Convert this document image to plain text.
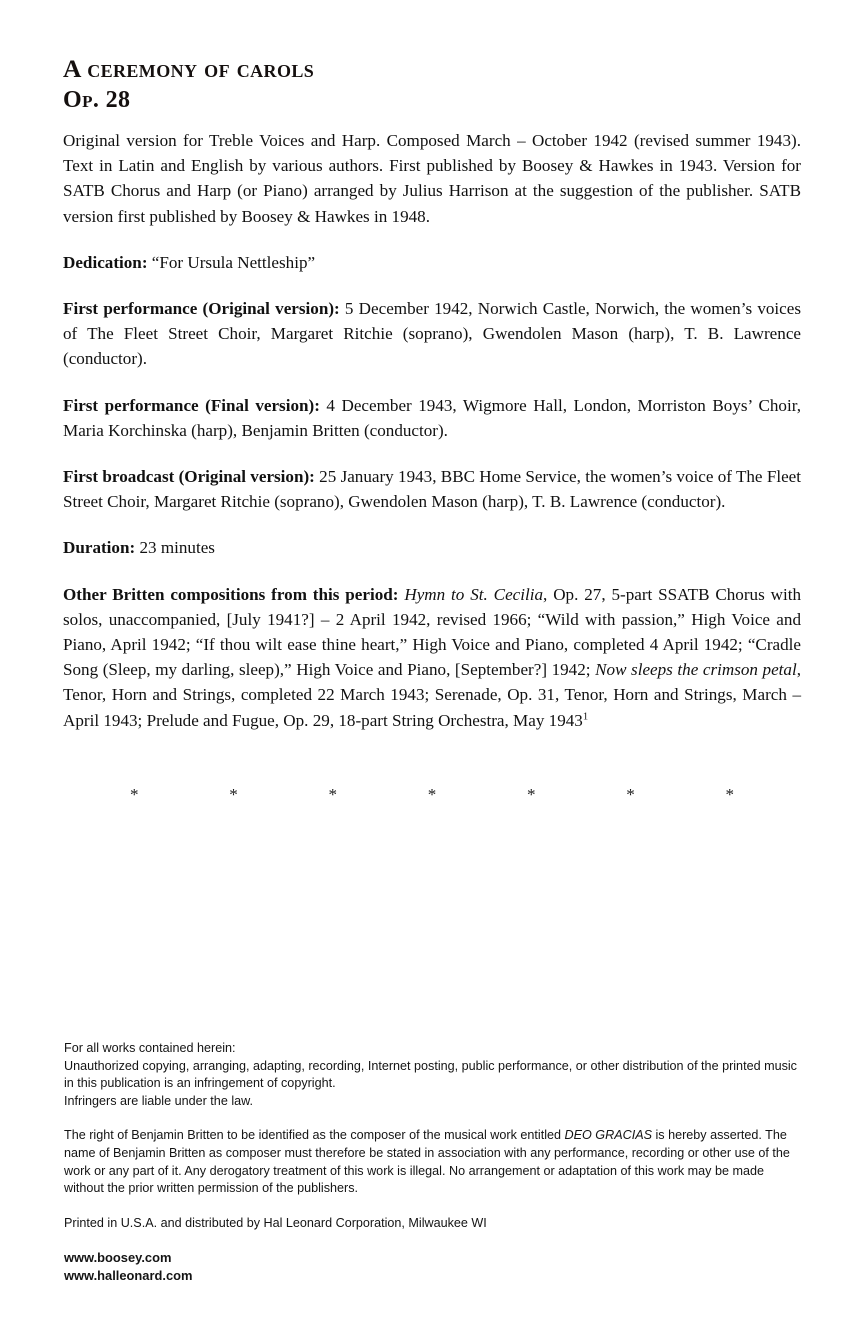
A ceremony of carols
Op. 28

Original version for Treble Voices and Harp. Composed March – October 1942 (revised summer 1943). Text in Latin and English by various authors. First published by Boosey & Hawkes in 1943. Version for SATB Chorus and Harp (or Piano) arranged by Julius Harrison at the suggestion of the publisher. SATB version first published by Boosey & Hawkes in 1948.

Dedication: “For Ursula Nettleship”

First performance (Original version): 5 December 1942, Norwich Castle, Norwich, the women’s voices of The Fleet Street Choir, Margaret Ritchie (soprano), Gwendolen Mason (harp), T. B. Lawrence (conductor).

First performance (Final version): 4 December 1943, Wigmore Hall, London, Morriston Boys’ Choir, Maria Korchinska (harp), Benjamin Britten (conductor).

First broadcast (Original version): 25 January 1943, BBC Home Service, the women’s voice of The Fleet Street Choir, Margaret Ritchie (soprano), Gwendolen Mason (harp), T. B. Lawrence (conductor).

Duration: 23 minutes

Other Britten compositions from this period: Hymn to St. Cecilia, Op. 27, 5-part SSATB Chorus with solos, unaccompanied, [July 1941?] – 2 April 1942, revised 1966; “Wild with passion,” High Voice and Piano, April 1942; “If thou wilt ease thine heart,” High Voice and Piano, completed 4 April 1942; “Cradle Song (Sleep, my darling, sleep),” High Voice and Piano, [September?] 1942; Now sleeps the crimson petal, Tenor, Horn and Strings, completed 22 March 1943; Serenade, Op. 31, Tenor, Horn and Strings, March – April 1943; Prelude and Fugue, Op. 29, 18-part String Orchestra, May 1943$^1$

*	*	*	*	*	*	*

For all works contained herein:

Unauthorized copying, arranging, adapting, recording, Internet posting, public performance, or other distribution of the printed music in this publication is an infringement of copyright.

Infringers are liable under the law.

The right of Benjamin Britten to be identified as the composer of the musical work entitled DEO GRACIAS is hereby asserted. The name of Benjamin Britten as composer must therefore be stated in association with any performance, recording or other use of the work or any part of it. Any derogatory treatment of this work is illegal. No arrangement or adaptation of this work may be made without the prior written permission of the publishers.

Printed in U.S.A. and distributed by Hal Leonard Corporation, Milwaukee WI

www.boosey.com
www.halleonard.com
